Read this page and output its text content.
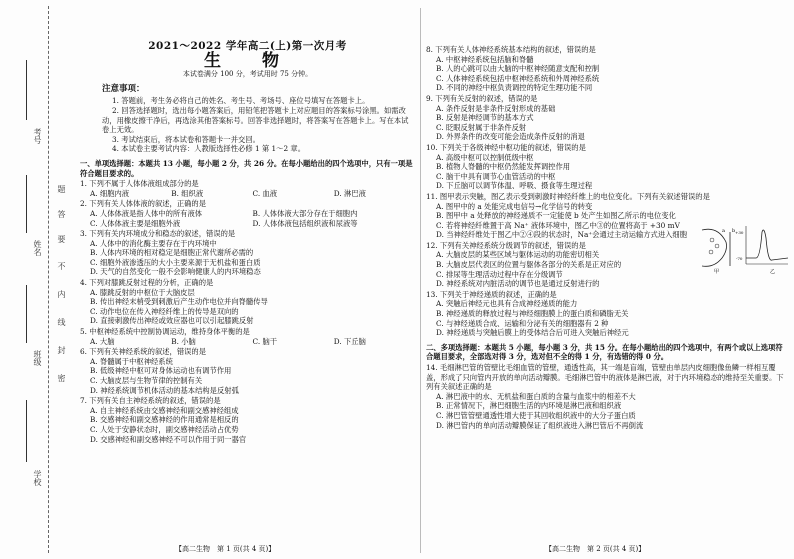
考号
姓名
班级
学校
题
答
要
不
内
线
封
密
2021～2022 学年高二(上)第一次月考
生　物
本试卷满分 100 分，考试用时 75 分钟。
注意事项：
1. 答题前，考生务必将自己的姓名、考生号、考场号、座位号填写在答题卡上。
2. 回答选择题时，选出每小题答案后，用铅笔把答题卡上对应题目的答案标号涂黑。如需改动，用橡皮擦干净后，再选涂其他答案标号。回答非选择题时，将答案写在答题卡上。写在本试卷上无效。
3. 考试结束后，将本试卷和答题卡一并交回。
4. 本试卷主要考试内容：人教版选择性必修 1 第 1～2 章。
一、单项选择题：本题共 13 小题，每小题 2 分，共 26 分。在每小题给出的四个选项中，只有一项是符合题目要求的。
1. 下列不属于人体体液组成部分的是
A. 细胞内液	B. 组织液	C. 血液	D. 淋巴液
2. 下列有关人体体液的叙述，正确的是
A. 人体体液是指人体中的所有液体	B. 人体体液大部分存在于细胞内
C. 人体体液主要是细胞外液	D. 人体体液包括组织液和尿液等
3. 下列有关内环境成分和稳态的叙述，错误的是
A. 人体中的消化酶主要存在于内环境中
B. 人体内环境的相对稳定是细胞正常代谢所必需的
C. 细胞外液渗透压的大小主要来源于无机盐和蛋白质
D. 天气的自然变化一般不会影响健康人的内环境稳态
4. 下列对膝跳反射过程的分析，正确的是
A. 膝跳反射的中枢位于大脑皮层
B. 传出神经末梢受到刺激后产生动作电位并向脊髓传导
C. 动作电位在传入神经纤维上的传导是双向的
D. 直接刺激传出神经或效应器也可以引起膝跳反射
5. 中枢神经系统中控制协调运动，维持身体平衡的是
A. 大脑	B. 小脑	C. 脑干	D. 下丘脑
6. 下列有关神经系统的叙述，错误的是
A. 脊髓属于中枢神经系统
B. 低级神经中枢可对身体运动也有调节作用
C. 大脑皮层与生物节律的控制有关
D. 神经系统调节机体活动的基本结构是反射弧
7. 下列有关自主神经系统的叙述，错误的是
A. 自主神经系统由交感神经和副交感神经组成
B. 交感神经和副交感神经的作用通常是相反的
C. 人处于安静状态时，副交感神经活动占优势
D. 交感神经和副交感神经不可以作用于同一器官
8. 下列有关人体神经系统基本结构的叙述，错误的是
A. 中枢神经系统包括脑和脊髓
B. 人的心跳可以由大脑的中枢神经随意支配和控制
C. 人体神经系统包括中枢神经系统和外周神经系统
D. 不同的神经中枢负责调控的特定生理功能不同
9. 下列有关反射的叙述，错误的是
A. 条件反射是非条件反射形成的基础
B. 反射是神经调节的基本方式
C. 眨眼反射属于非条件反射
D. 外界条件的改变可能会造成条件反射的消退
10. 下列关于各级神经中枢功能的叙述，错误的是
A. 高级中枢可以控制低级中枢
B. 植物人脊髓的中枢仍然能发挥调控作用
C. 脑干中具有调节心血管活动的中枢
D. 下丘脑可以调节体温、呼吸、摄食等生理过程
11. 图甲表示突触，图乙表示受到刺激时神经纤维上的电位变化。下列有关叙述错误的是
A. 图甲中的 a 处能完成电信号→化学信号的转变
B. 图甲中 a 处释放的神经递质不一定能使 b 处产生如图乙所示的电位变化
C. 若将神经纤维置于高 Na⁺ 液体环境中，图乙中③的位置将高于 +30 mV
D. 当神经纤维处于图乙中②④段的状态时，Na⁺会通过主动运输方式进入细胞
12. 下列有关神经系统分级调节的叙述，错误的是
A. 大脑皮层的某些区域与躯体运动的功能密切相关
B. 大脑皮层代表区的位置与躯体各部分的关系是正对应的
C. 排尿等生理活动过程中存在分级调节
D. 神经系统对内脏活动的调节也是通过反射进行的
13. 下列关于神经递质的叙述，正确的是
A. 突触后神经元也具有合成神经递质的能力
B. 神经递质的释放过程与神经细胞膜上的蛋白质和磷脂无关
C. 与神经递质合成、运输和分泌有关的细胞器有 2 种
D. 神经递质与突触后膜上的受体结合后可进入突触后神经元
二、多项选择题：本题共 5 小题，每小题 3 分，共 15 分。在每小题给出的四个选项中，有两个或以上选项符合题目要求，全部选对得 3 分，选对但不全的得 1 分，有选错的得 0 分。
14. 毛细淋巴管的管壁比毛细血管的管壁，通透性高，其一端是盲端，管壁由单层内皮细胞像鱼鳞一样相互覆盖，形成了只向管内开放的单向活动瓣膜。毛细淋巴管中的液体是淋巴液，对于内环境稳态的维持至关重要。下列有关叙述正确的是
A. 淋巴液中的水、无机盐和蛋白质的含量与血浆中的相差不大
B. 正常情况下，淋巴细胞生活的内环境是淋巴液和组织液
C. 淋巴管管壁通透性增大使于其回收组织液中的大分子蛋白质
D. 淋巴管内的单向活动瓣膜保证了组织液进入淋巴管后不再倒流
a b
甲
+30
-70
乙
【高二生物　第 1 页(共 4 页)】	【高二生物　第 2 页(共 4 页)】
